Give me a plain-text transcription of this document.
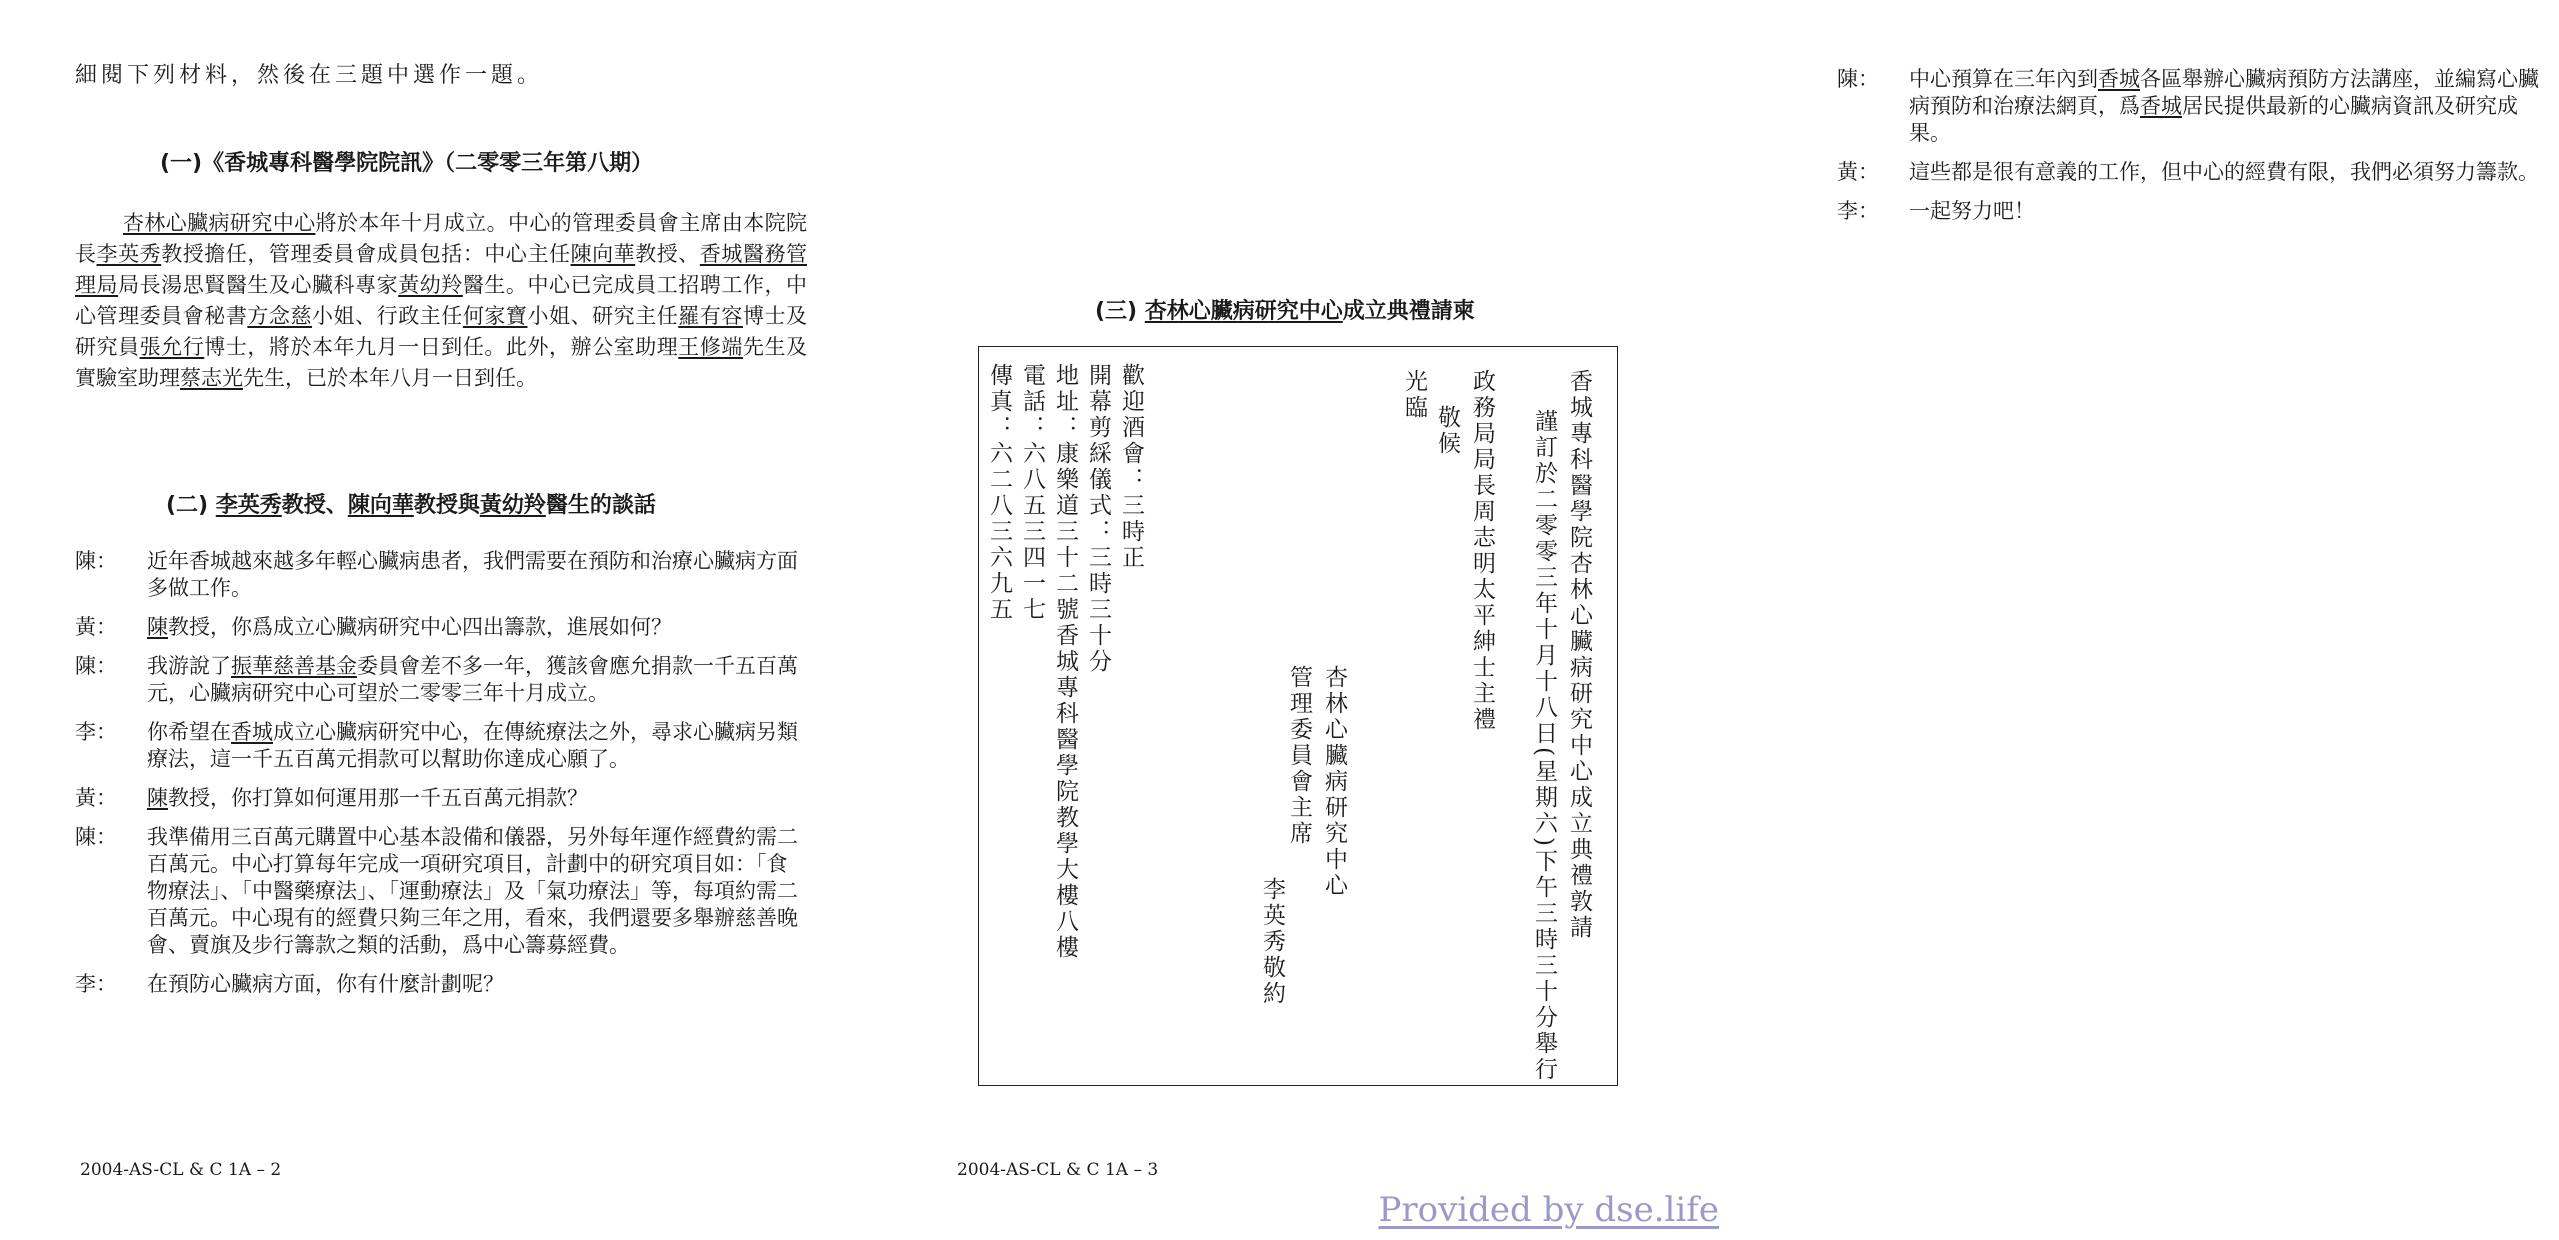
細閱下列材料，然後在三題中選作一題。
(一)《香城專科醫學院院訊》（二零零三年第八期）
杏林心臟病研究中心將於本年十月成立。中心的管理委員會主席由本院院長李英秀教授擔任，管理委員會成員包括：中心主任陳向華教授、香城醫務管理局局長湯思賢醫生及心臟科專家黃幼羚醫生。中心已完成員工招聘工作，中心管理委員會秘書方念慈小姐、行政主任何家寶小姐、研究主任羅有容博士及研究員張允行博士，將於本年九月一日到任。此外，辦公室助理王修端先生及實驗室助理蔡志光先生，已於本年八月一日到任。
(二) 李英秀教授、陳向華教授與黃幼羚醫生的談話
陳：	近年香城越來越多年輕心臟病患者，我們需要在預防和治療心臟病方面多做工作。
黃：	陳教授，你爲成立心臟病研究中心四出籌款，進展如何？
陳：	我游說了振華慈善基金委員會差不多一年，獲該會應允捐款一千五百萬元，心臟病研究中心可望於二零零三年十月成立。
李：	你希望在香城成立心臟病研究中心，在傳統療法之外，尋求心臟病另類療法，這一千五百萬元捐款可以幫助你達成心願了。
黃：	陳教授，你打算如何運用那一千五百萬元捐款？
陳：	我準備用三百萬元購置中心基本設備和儀器，另外每年運作經費約需二百萬元。中心打算每年完成一項研究項目，計劃中的研究項目如：「食物療法」、「中醫藥療法」、「運動療法」及「氣功療法」等，每項約需二百萬元。中心現有的經費只夠三年之用，看來，我們還要多舉辦慈善晚會、賣旗及步行籌款之類的活動，爲中心籌募經費。
李：	在預防心臟病方面，你有什麼計劃呢？
2004-AS-CL & C 1A – 2
陳：	中心預算在三年內到香城各區舉辦心臟病預防方法講座，並編寫心臟病預防和治療法網頁，爲香城居民提供最新的心臟病資訊及研究成果。
黃：	這些都是很有意義的工作，但中心的經費有限，我們必須努力籌款。
李：	一起努力吧！
(三) 杏林心臟病研究中心成立典禮請柬
香城專科醫學院杏林心臟病研究中心成立典禮敦請
謹訂於二零零三年十月十八日(星期六)下午三時三十分舉行
政務局局長周志明太平紳士主禮
敬候
光臨
杏林心臟病研究中心
管理委員會主席
李英秀敬約
歡迎酒會：三時正
開幕剪綵儀式：三時三十分
地址：康樂道三十二號香城專科醫學院教學大樓八樓
電話：六八五三四一七
傳真：六二八三六九五
2004-AS-CL & C 1A – 3
Provided by dse.life
